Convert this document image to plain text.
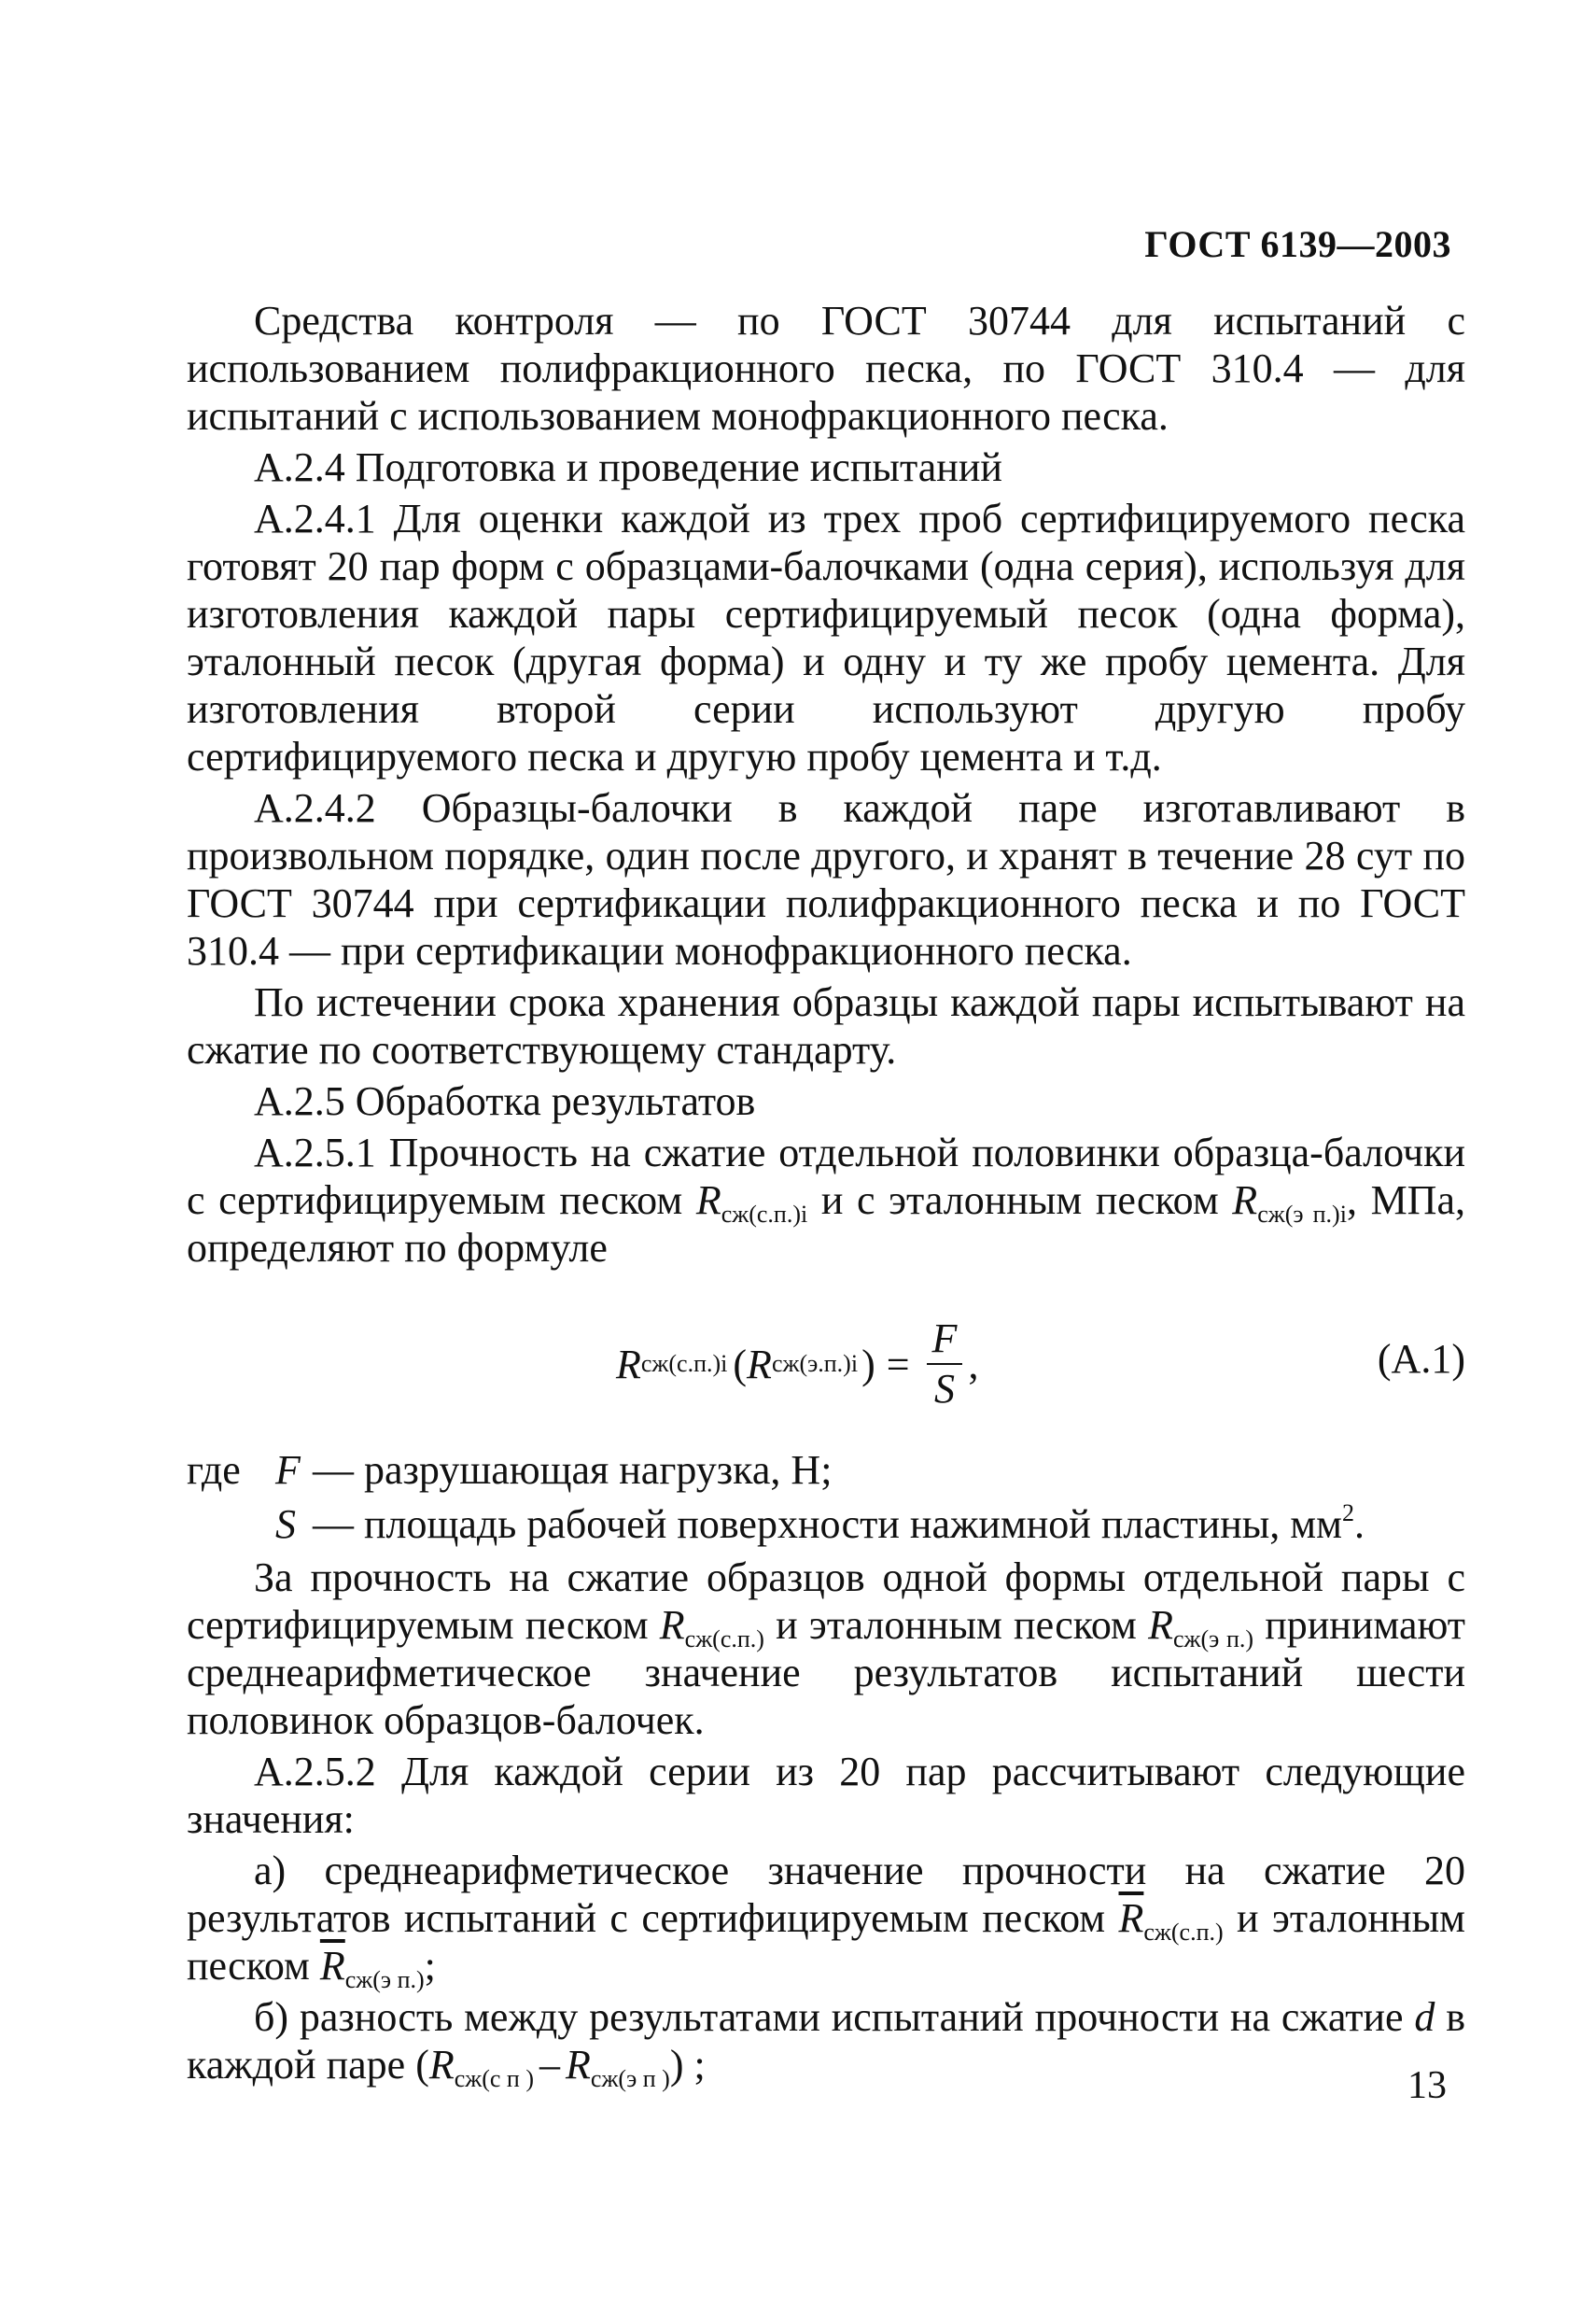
ГОСТ 6139—2003

Средства контроля — по ГОСТ 30744 для испытаний с использованием полифракционного песка, по ГОСТ 310.4 — для испытаний с использованием монофракционного песка.

А.2.4 Подготовка и проведение испытаний

А.2.4.1 Для оценки каждой из трех проб сертифицируемого песка готовят 20 пар форм с образцами-балочками (одна серия), используя для изготовления каждой пары сертифицируемый песок (одна форма), эталонный песок (другая форма) и одну и ту же пробу цемента. Для изготовления второй серии используют другую пробу сертифицируемого песка и другую пробу цемента и т.д.

А.2.4.2 Образцы-балочки в каждой паре изготавливают в произвольном порядке, один после другого, и хранят в течение 28 сут по ГОСТ 30744 при сертификации полифракционного песка и по ГОСТ 310.4 — при сертификации монофракционного песка.

По истечении срока хранения образцы каждой пары испытывают на сжатие по соответствующему стандарту.

А.2.5 Обработка результатов

А.2.5.1 Прочность на сжатие отдельной половинки образца-балочки с сертифицируемым песком $R_{сж(с.п.)i}$ и с эталонным песком $R_{сж(э п.)i}$, МПа, определяют по формуле

R сж(с.п.)i ( R сж(э.п.)i ) = $\frac{F}{S}$ ,	(А.1)
где F — разрушающая нагрузка, Н;
S — площадь рабочей поверхности нажимной пластины, $мм^2$.

За прочность на сжатие образцов одной формы отдельной пары с сертифицируемым песком $R_{сж(с.п.)}$ и эталонным песком $R_{сж(э п.)}$ принимают среднеарифметическое значение результатов испытаний шести половинок образцов-балочек.

А.2.5.2 Для каждой серии из 20 пар рассчитывают следующие значения:

а) среднеарифметическое значение прочности на сжатие 20 результатов испытаний с сертифицируемым песком $\overline{R}_{сж(с.п.)}$ и эталонным песком $\overline{R}_{сж(э п.)}$;

б) разность между результатами испытаний прочности на сжатие d в каждой паре $(R_{сж(с п )} - R_{сж(э п )})$ ;	13
